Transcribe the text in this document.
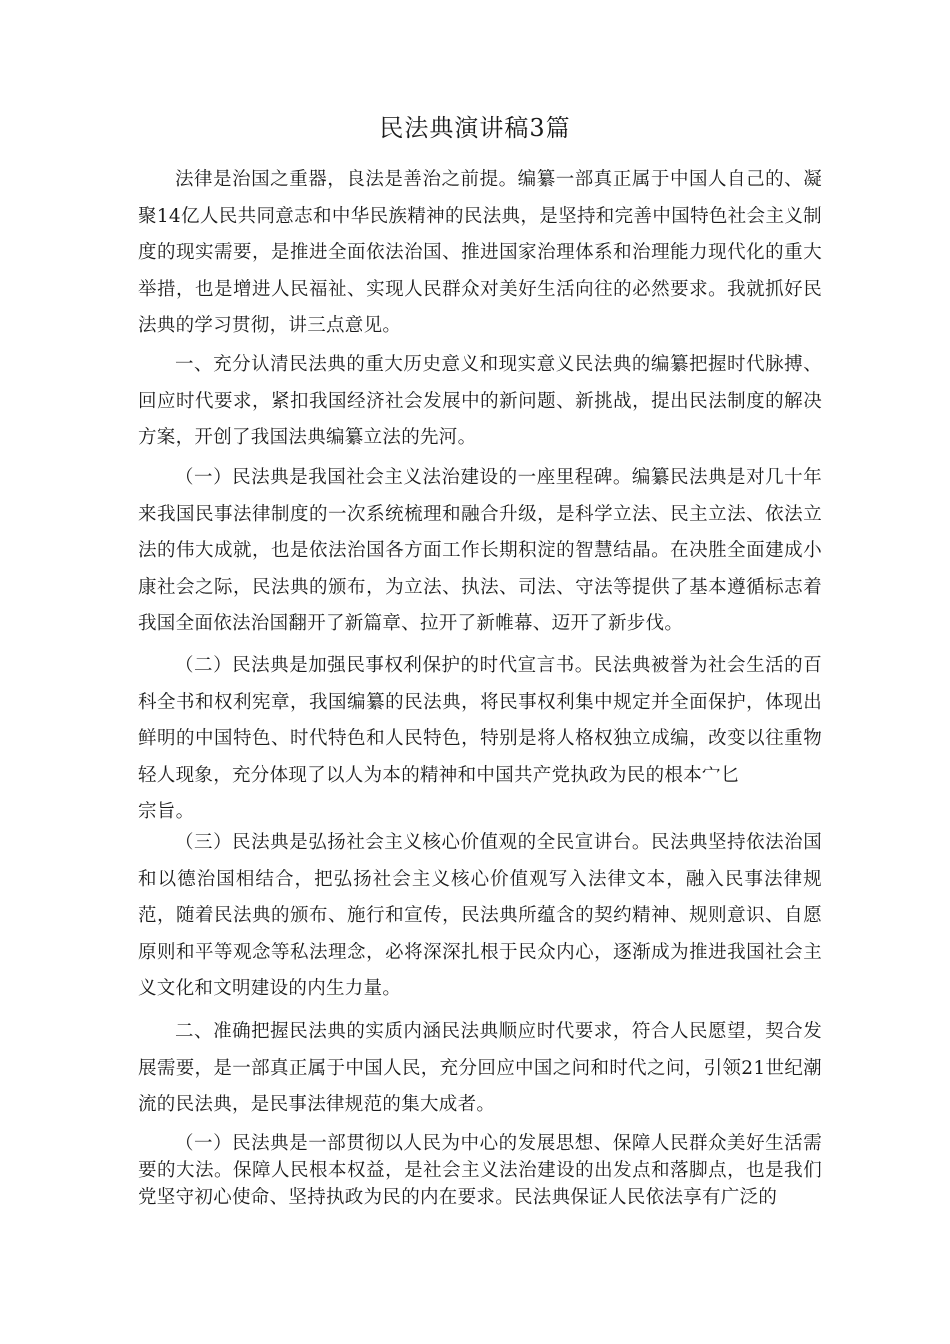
民法典演讲稿3篇

法律是治国之重器，良法是善治之前提。编纂一部真正属于中国人自己的、凝聚14亿人民共同意志和中华民族精神的民法典，是坚持和完善中国特色社会主义制度的现实需要，是推进全面依法治国、推进国家治理体系和治理能力现代化的重大举措，也是增进人民福祉、实现人民群众对美好生活向往的必然要求。我就抓好民法典的学习贯彻，讲三点意见。

一、充分认清民法典的重大历史意义和现实意义民法典的编纂把握时代脉搏、回应时代要求，紧扣我国经济社会发展中的新问题、新挑战，提出民法制度的解决方案，开创了我国法典编纂立法的先河。

（一）民法典是我国社会主义法治建设的一座里程碑。编纂民法典是对几十年来我国民事法律制度的一次系统梳理和融合升级，是科学立法、民主立法、依法立法的伟大成就，也是依法治国各方面工作长期积淀的智慧结晶。在决胜全面建成小康社会之际，民法典的颁布，为立法、执法、司法、守法等提供了基本遵循标志着我国全面依法治国翻开了新篇章、拉开了新帷幕、迈开了新步伐。

（二）民法典是加强民事权利保护的时代宣言书。民法典被誉为社会生活的百科全书和权利宪章，我国编纂的民法典，将民事权利集中规定并全面保护，体现出鲜明的中国特色、时代特色和人民特色，特别是将人格权独立成编，改变以往重物轻人现象，充分体现了以人为本的精神和中国共产党执政为民的根本宀匕
宗旨。

（三）民法典是弘扬社会主义核心价值观的全民宣讲台。民法典坚持依法治国和以德治国相结合，把弘扬社会主义核心价值观写入法律文本，融入民事法律规范，随着民法典的颁布、施行和宣传，民法典所蕴含的契约精神、规则意识、自愿原则和平等观念等私法理念，必将深深扎根于民众内心，逐渐成为推进我国社会主义文化和文明建设的内生力量。

二、准确把握民法典的实质内涵民法典顺应时代要求，符合人民愿望，契合发展需要，是一部真正属于中国人民，充分回应中国之问和时代之问，引领21世纪潮流的民法典，是民事法律规范的集大成者。

（一）民法典是一部贯彻以人民为中心的发展思想、保障人民群众美好生活需要的大法。保障人民根本权益，是社会主义法治建设的出发点和落脚点，也是我们党坚守初心使命、坚持执政为民的内在要求。民法典保证人民依法享有广泛的
